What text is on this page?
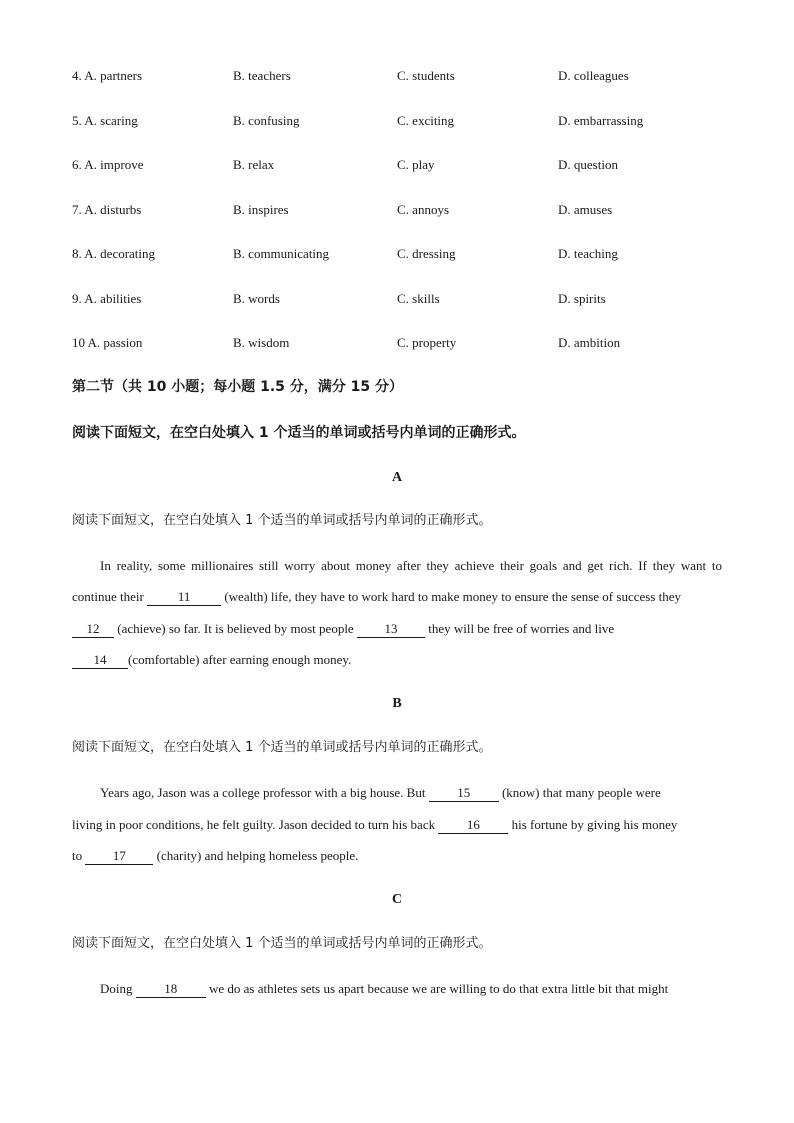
4. A. partners	B. teachers	C. students	D. colleagues
5. A. scaring	B. confusing	C. exciting	D. embarrassing
6. A. improve	B. relax	C. play	D. question
7. A. disturbs	B. inspires	C. annoys	D. amuses
8. A. decorating	B. communicating	C. dressing	D. teaching
9. A. abilities	B. words	C. skills	D. spirits
10 A. passion	B. wisdom	C. property	D. ambition
第二节（共 10 小题；每小题 1.5 分，满分 15 分）
阅读下面短文，在空白处填入 1 个适当的单词或括号内单词的正确形式。
A
阅读下面短文，在空白处填入 1 个适当的单词或括号内单词的正确形式。
In reality, some millionaires still worry about money after they achieve their goals and get rich. If they want to
continue their 11 (wealth) life, they have to work hard to make money to ensure the sense of success they
12 (achieve) so far. It is believed by most people 13 they will be free of worries and live
14 (comfortable) after earning enough money.
B
阅读下面短文，在空白处填入 1 个适当的单词或括号内单词的正确形式。
Years ago, Jason was a college professor with a big house. But 15 (know) that many people were
living in poor conditions, he felt guilty. Jason decided to turn his back 16 his fortune by giving his money
to 17 (charity) and helping homeless people.
C
阅读下面短文，在空白处填入 1 个适当的单词或括号内单词的正确形式。
Doing 18 we do as athletes sets us apart because we are willing to do that extra little bit that might
